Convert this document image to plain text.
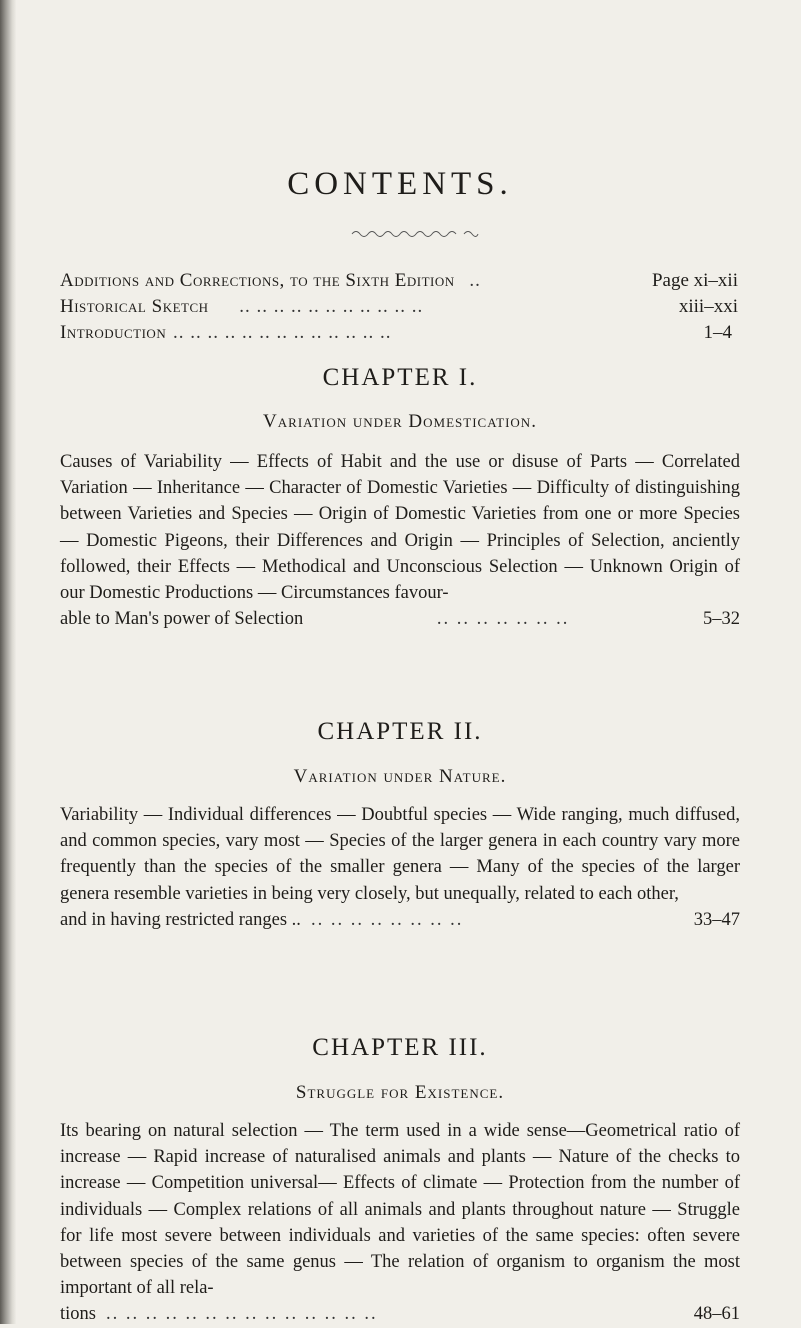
CONTENTS.
Additions and Corrections, to the Sixth Edition ..	Page xi–xii
Historical Sketch .. .. .. .. .. .. .. .. .. .. ..	xiii–xxi
Introduction .. .. .. .. .. .. .. .. .. .. .. .. ..	1–4
CHAPTER I.
Variation under Domestication.
Causes of Variability — Effects of Habit and the use or disuse of Parts — Correlated Variation — Inheritance — Character of Domestic Varieties — Difficulty of distinguishing between Varieties and Species — Origin of Domestic Varieties from one or more Species — Domestic Pigeons, their Differences and Origin — Principles of Selection, anciently followed, their Effects — Methodical and Unconscious Selection — Unknown Origin of our Domestic Productions — Circumstances favour-
able to Man's power of Selection	.. .. .. .. .. .. ..	5–32
CHAPTER II.
Variation under Nature.
Variability — Individual differences — Doubtful species — Wide ranging, much diffused, and common species, vary most — Species of the larger genera in each country vary more frequently than the species of the smaller genera — Many of the species of the larger genera resemble varieties in being very closely, but unequally, related to each other,
and in having restricted ranges .. .. .. .. .. .. .. .. ..	33–47
CHAPTER III.
Struggle for Existence.
Its bearing on natural selection — The term used in a wide sense—Geometrical ratio of increase — Rapid increase of naturalised animals and plants — Nature of the checks to increase — Competition universal— Effects of climate — Protection from the number of individuals — Complex relations of all animals and plants throughout nature — Struggle for life most severe between individuals and varieties of the same species: often severe between species of the same genus — The relation of organism to organism the most important of all rela-
tions .. .. .. .. .. .. .. .. .. .. .. .. .. ..	48–61
